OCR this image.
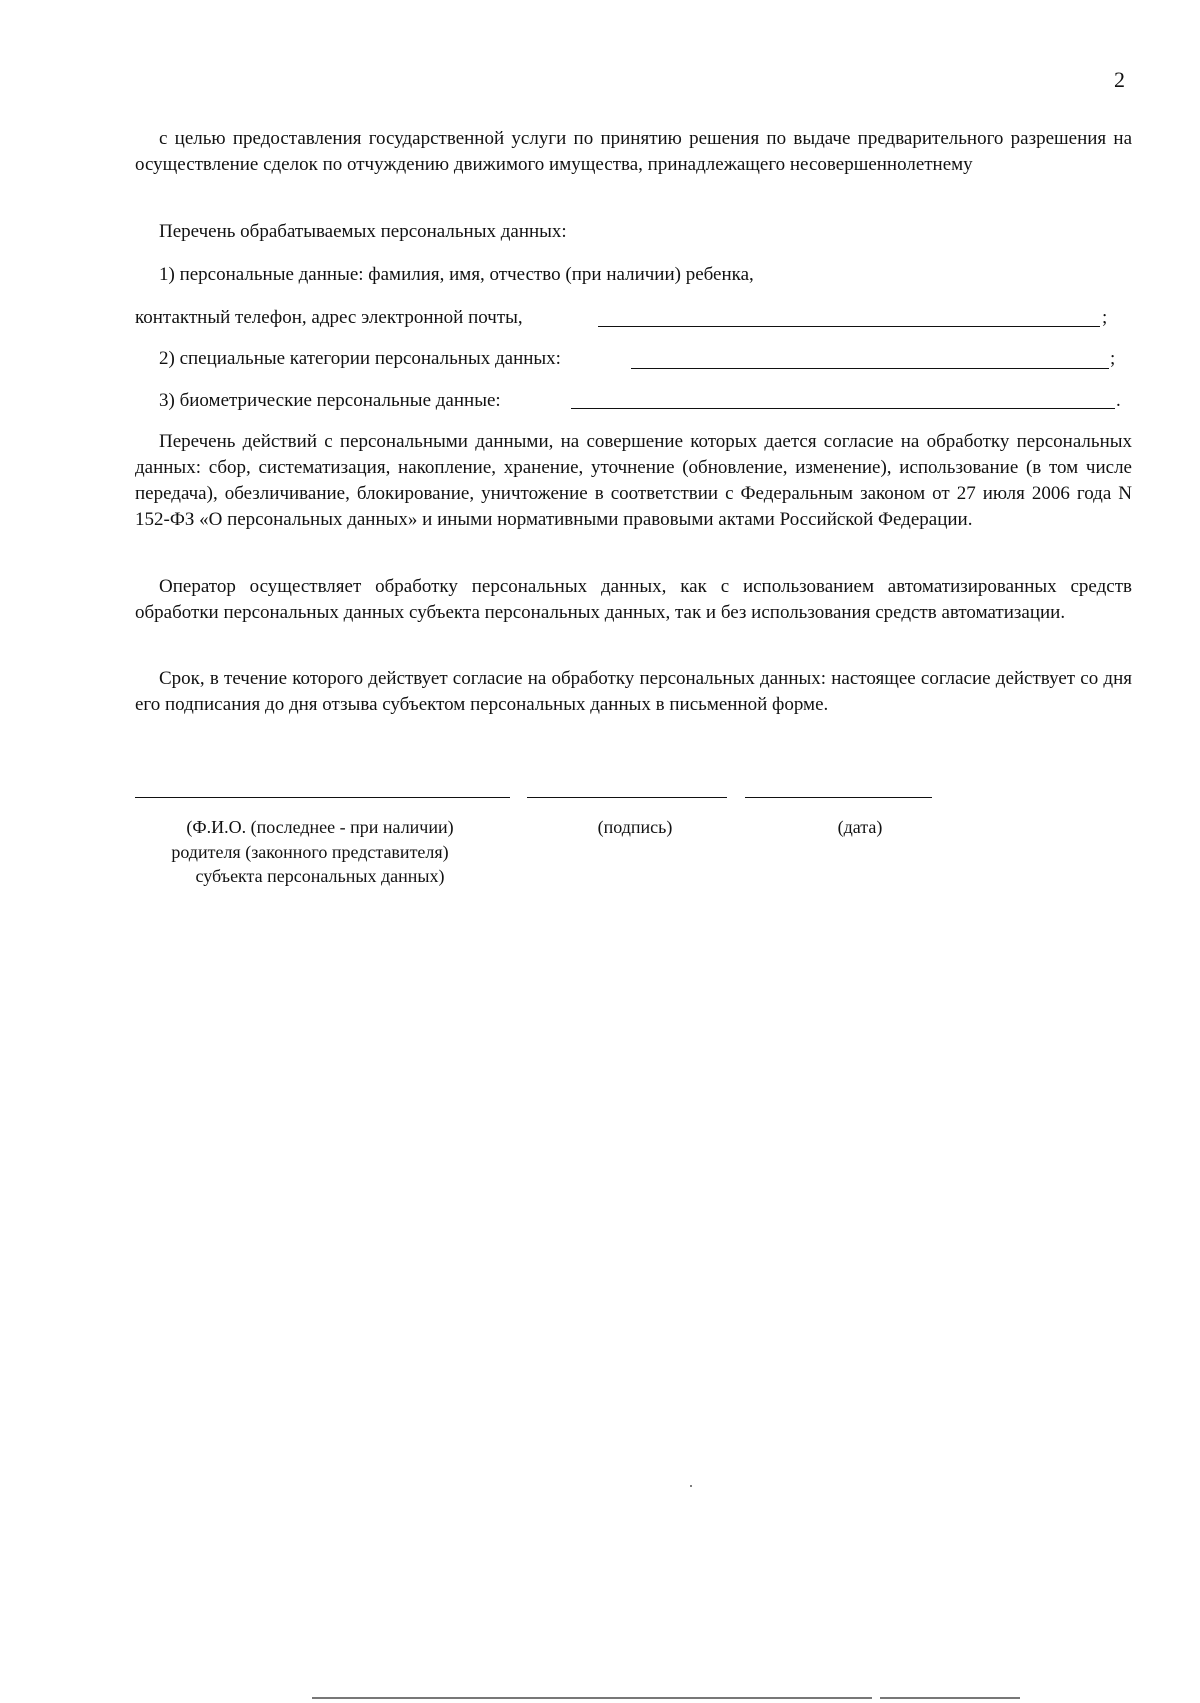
2

с целью предоставления государственной услуги по принятию решения по выдаче предварительного разрешения на осуществление сделок по отчуждению движимого имущества, принадлежащего несовершеннолетнему

Перечень обрабатываемых персональных данных:
1) персональные данные: фамилия, имя, отчество (при наличии) ребенка,
контактный телефон, адрес электронной почты,	;
2) специальные категории персональных данных:	;
3) биометрические персональные данные:	.

Перечень действий с персональными данными, на совершение которых дается согласие на обработку персональных данных: сбор, систематизация, накопление, хранение, уточнение (обновление, изменение), использование (в том числе передача), обезличивание, блокирование, уничтожение в соответствии с Федеральным законом от 27 июля 2006 года N 152-ФЗ «О персональных данных» и иными нормативными правовыми актами Российской Федерации.

Оператор осуществляет обработку персональных данных, как с использованием автоматизированных средств обработки персональных данных субъекта персональных данных, так и без использования средств автоматизации.

Срок, в течение которого действует согласие на обработку персональных данных: настоящее согласие действует со дня его подписания до дня отзыва субъектом персональных данных в письменной форме.

(Ф.И.О. (последнее - при наличии)

родителя (законного представителя)

субъекта персональных данных)

(подпись)	(дата)
